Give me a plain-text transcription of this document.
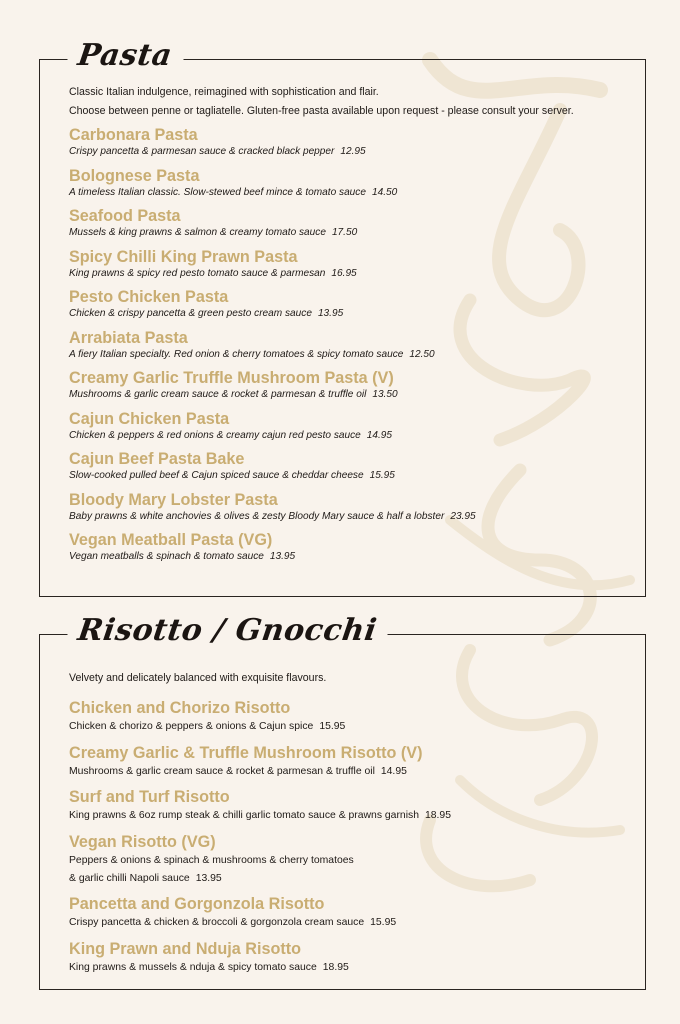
Pasta

Classic Italian indulgence, reimagined with sophistication and flair.

Choose between penne or tagliatelle. Gluten-free pasta available upon request - please consult your server.

Carbonara Pasta
Crispy pancetta & parmesan sauce & cracked black pepper 12.95
Bolognese Pasta
A timeless Italian classic. Slow-stewed beef mince & tomato sauce 14.50
Seafood Pasta
Mussels & king prawns & salmon & creamy tomato sauce 17.50
Spicy Chilli King Prawn Pasta
King prawns & spicy red pesto tomato sauce & parmesan 16.95
Pesto Chicken Pasta
Chicken & crispy pancetta & green pesto cream sauce 13.95
Arrabiata Pasta
A fiery Italian specialty. Red onion & cherry tomatoes & spicy tomato sauce 12.50
Creamy Garlic Truffle Mushroom Pasta (V)
Mushrooms & garlic cream sauce & rocket & parmesan & truffle oil 13.50
Cajun Chicken Pasta
Chicken & peppers & red onions & creamy cajun red pesto sauce 14.95
Cajun Beef Pasta Bake
Slow-cooked pulled beef & Cajun spiced sauce & cheddar cheese 15.95
Bloody Mary Lobster Pasta
Baby prawns & white anchovies & olives & zesty Bloody Mary sauce & half a lobster 23.95
Vegan Meatball Pasta (VG)
Vegan meatballs & spinach & tomato sauce 13.95
Risotto / Gnocchi

Velvety and delicately balanced with exquisite flavours.

Chicken and Chorizo Risotto
Chicken & chorizo & peppers & onions & Cajun spice 15.95
Creamy Garlic & Truffle Mushroom Risotto (V)
Mushrooms & garlic cream sauce & rocket & parmesan & truffle oil 14.95
Surf and Turf Risotto
King prawns & 6oz rump steak & chilli garlic tomato sauce & prawns garnish 18.95
Vegan Risotto (VG)
Peppers & onions & spinach & mushrooms & cherry tomatoes
& garlic chilli Napoli sauce 13.95
Pancetta and Gorgonzola Risotto
Crispy pancetta & chicken & broccoli & gorgonzola cream sauce 15.95
King Prawn and Nduja Risotto
King prawns & mussels & nduja & spicy tomato sauce 18.95
